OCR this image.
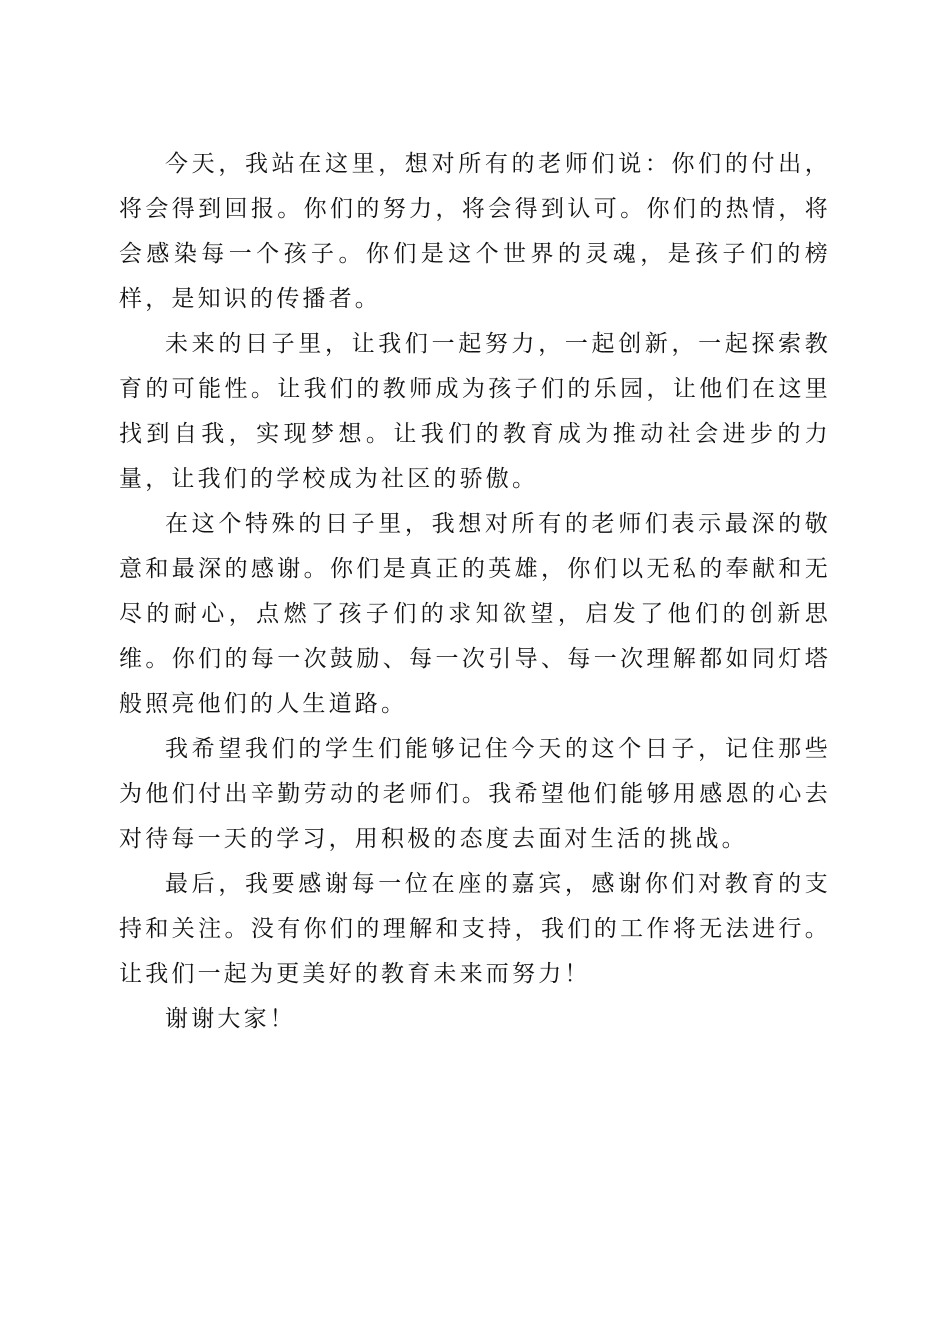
今天，我站在这里，想对所有的老师们说：你们的付出，将会得到回报。你们的努力，将会得到认可。你们的热情，将会感染每一个孩子。你们是这个世界的灵魂，是孩子们的榜样，是知识的传播者。

未来的日子里，让我们一起努力，一起创新，一起探索教育的可能性。让我们的教师成为孩子们的乐园，让他们在这里找到自我，实现梦想。让我们的教育成为推动社会进步的力量，让我们的学校成为社区的骄傲。

在这个特殊的日子里，我想对所有的老师们表示最深的敬意和最深的感谢。你们是真正的英雄，你们以无私的奉献和无尽的耐心，点燃了孩子们的求知欲望，启发了他们的创新思维。你们的每一次鼓励、每一次引导、每一次理解都如同灯塔般照亮他们的人生道路。

我希望我们的学生们能够记住今天的这个日子，记住那些为他们付出辛勤劳动的老师们。我希望他们能够用感恩的心去对待每一天的学习，用积极的态度去面对生活的挑战。

最后，我要感谢每一位在座的嘉宾，感谢你们对教育的支持和关注。没有你们的理解和支持，我们的工作将无法进行。让我们一起为更美好的教育未来而努力！

谢谢大家！
